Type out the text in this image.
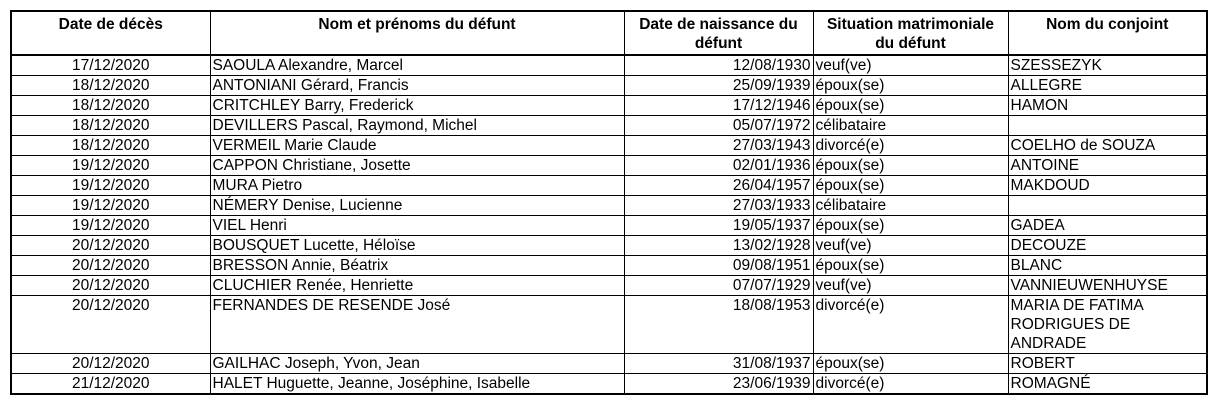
Date de décès	Nom et prénoms du défunt	Date de naissance du défunt	Situation matrimoniale du défunt	Nom du conjoint
17/12/2020	SAOULA Alexandre, Marcel	12/08/1930	veuf(ve)	SZESSEZYK
18/12/2020	ANTONIANI Gérard, Francis	25/09/1939	époux(se)	ALLEGRE
18/12/2020	CRITCHLEY Barry, Frederick	17/12/1946	époux(se)	HAMON
18/12/2020	DEVILLERS Pascal, Raymond, Michel	05/07/1972	célibataire	
18/12/2020	VERMEIL Marie Claude	27/03/1943	divorcé(e)	COELHO de SOUZA
19/12/2020	CAPPON Christiane, Josette	02/01/1936	époux(se)	ANTOINE
19/12/2020	MURA Pietro	26/04/1957	époux(se)	MAKDOUD
19/12/2020	NÉMERY Denise, Lucienne	27/03/1933	célibataire	
19/12/2020	VIEL Henri	19/05/1937	époux(se)	GADEA
20/12/2020	BOUSQUET Lucette, Héloïse	13/02/1928	veuf(ve)	DECOUZE
20/12/2020	BRESSON Annie, Béatrix	09/08/1951	époux(se)	BLANC
20/12/2020	CLUCHIER Renée, Henriette	07/07/1929	veuf(ve)	VANNIEUWENHUYSE
20/12/2020	FERNANDES DE RESENDE José	18/08/1953	divorcé(e)	MARIA DE FATIMA RODRIGUES DE ANDRADE
20/12/2020	GAILHAC Joseph, Yvon, Jean	31/08/1937	époux(se)	ROBERT
21/12/2020	HALET Huguette, Jeanne, Joséphine, Isabelle	23/06/1939	divorcé(e)	ROMAGNÉ
